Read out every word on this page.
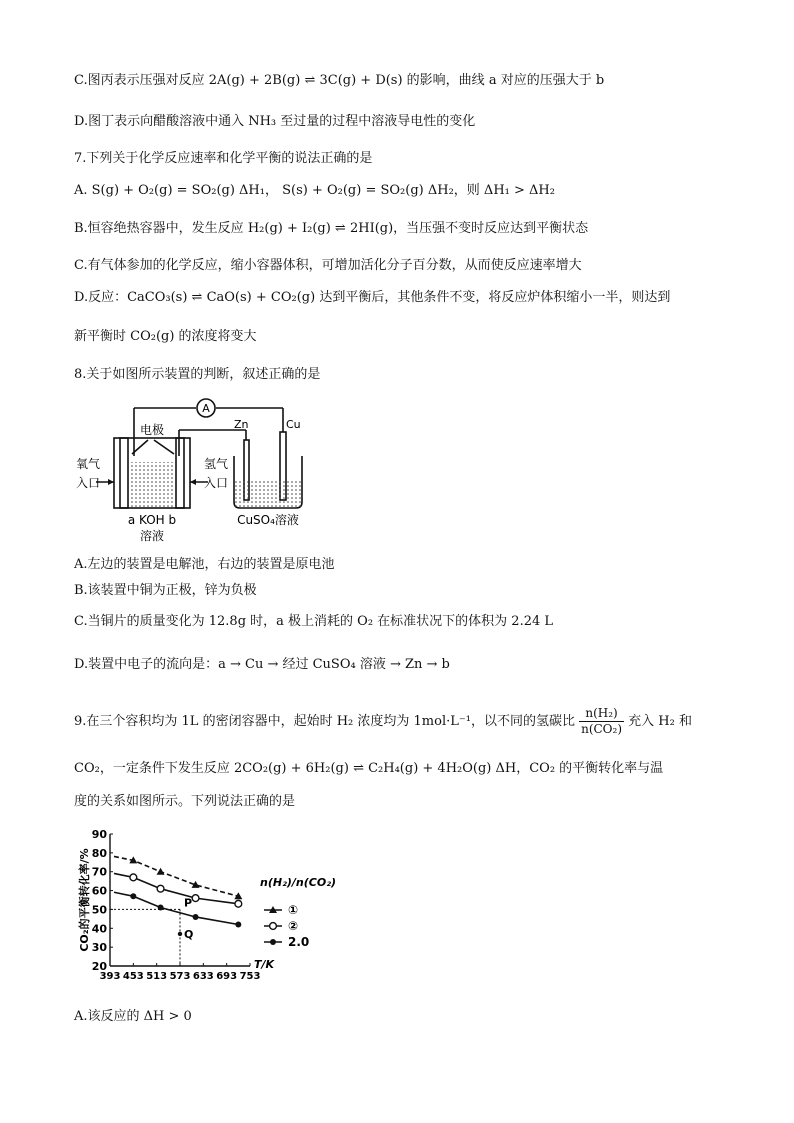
C.图丙表示压强对反应 2A(g) + 2B(g) ⇌ 3C(g) + D(s) 的影响，曲线 a 对应的压强大于 b
D.图丁表示向醋酸溶液中通入 NH₃ 至过量的过程中溶液导电性的变化
7.下列关于化学反应速率和化学平衡的说法正确的是
A. S(g) + O₂(g) = SO₂(g) ΔH₁， S(s) + O₂(g) = SO₂(g) ΔH₂，则 ΔH₁ > ΔH₂
B.恒容绝热容器中，发生反应 H₂(g) + I₂(g) ⇌ 2HI(g)，当压强不变时反应达到平衡状态
C.有气体参加的化学反应，缩小容器体积，可增加活化分子百分数，从而使反应速率增大
D.反应：CaCO₃(s) ⇌ CaO(s) + CO₂(g) 达到平衡后，其他条件不变，将反应炉体积缩小一半，则达到
新平衡时 CO₂(g) 的浓度将变大
8.关于如图所示装置的判断，叙述正确的是
A
电极	Zn	Cu
氧气
入口
氢气
入口
a KOH b
溶液
CuSO₄溶液
A.左边的装置是电解池，右边的装置是原电池
B.该装置中铜为正极，锌为负极
C.当铜片的质量变化为 12.8g 时，a 极上消耗的 O₂ 在标准状况下的体积为 2.24 L
D.装置中电子的流向是：a → Cu → 经过 CuSO₄ 溶液 → Zn → b
9.在三个容积均为 1L 的密闭容器中，起始时 H₂ 浓度均为 1mol·L⁻¹，以不同的氢碳比 $\frac{\text{n(H₂)}}{\text{n(CO₂)}}$ 充入 H₂ 和
CO₂，一定条件下发生反应 2CO₂(g) + 6H₂(g) ⇌ C₂H₄(g) + 4H₂O(g) ΔH，CO₂ 的平衡转化率与温
度的关系如图所示。下列说法正确的是
20
30
40
50
60
70
80
90
393 453 513 573 633 693 753
CO₂的平衡转化率/%
T/K
P
Q
n(H₂)/n(CO₂)
①
②
2.0
A.该反应的 ΔH > 0
